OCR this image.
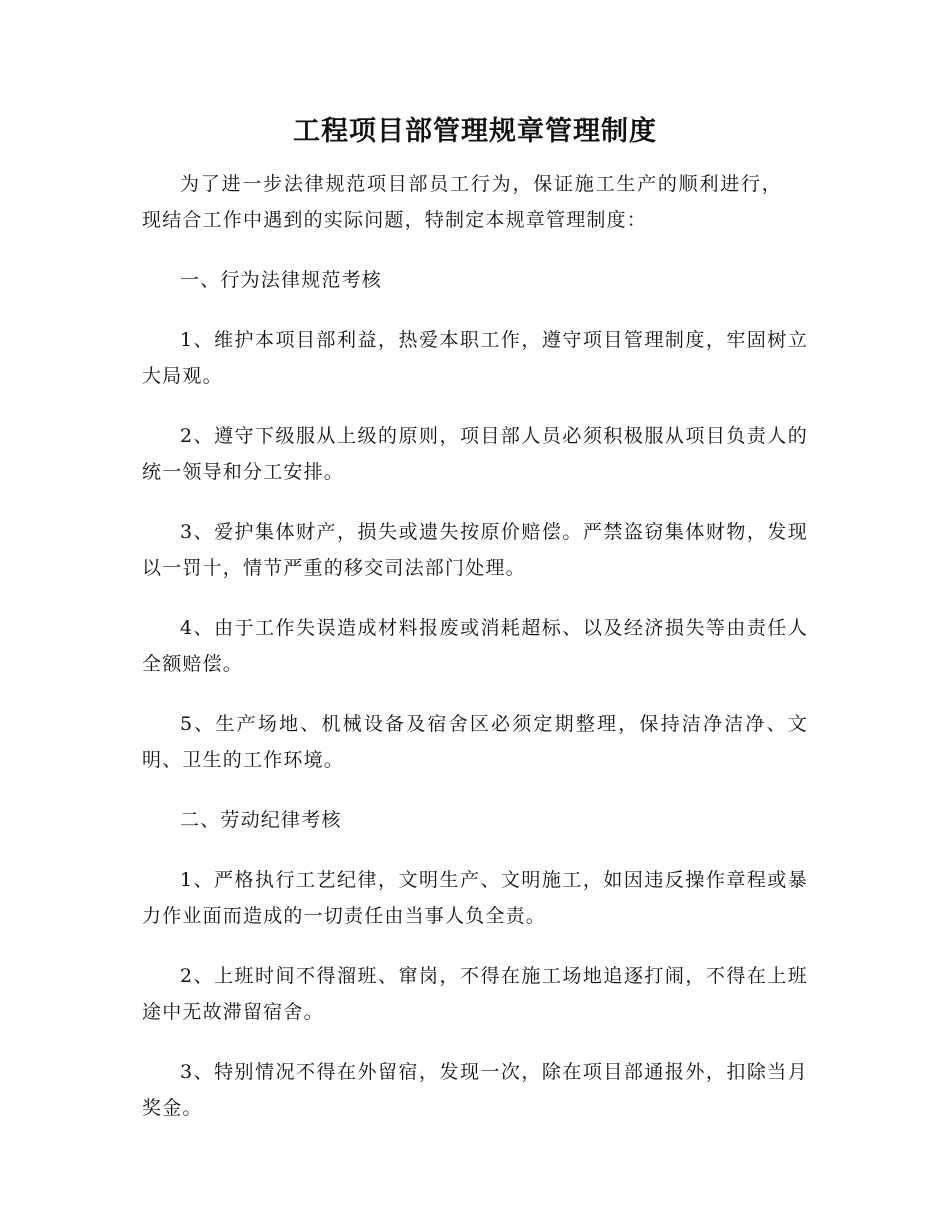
工程项目部管理规章管理制度

为了进一步法律规范项目部员工行为，保证施工生产的顺利进行，现结合工作中遇到的实际问题，特制定本规章管理制度：

一、行为法律规范考核

1、维护本项目部利益，热爱本职工作，遵守项目管理制度，牢固树立大局观。

2、遵守下级服从上级的原则，项目部人员必须积极服从项目负责人的统一领导和分工安排。

3、爱护集体财产，损失或遗失按原价赔偿。严禁盗窃集体财物，发现以一罚十，情节严重的移交司法部门处理。

4、由于工作失误造成材料报废或消耗超标、以及经济损失等由责任人全额赔偿。

5、生产场地、机械设备及宿舍区必须定期整理，保持洁净洁净、文明、卫生的工作环境。

二、劳动纪律考核

1、严格执行工艺纪律，文明生产、文明施工，如因违反操作章程或暴力作业面而造成的一切责任由当事人负全责。

2、上班时间不得溜班、窜岗，不得在施工场地追逐打闹，不得在上班途中无故滞留宿舍。

3、特别情况不得在外留宿，发现一次，除在项目部通报外，扣除当月奖金。
